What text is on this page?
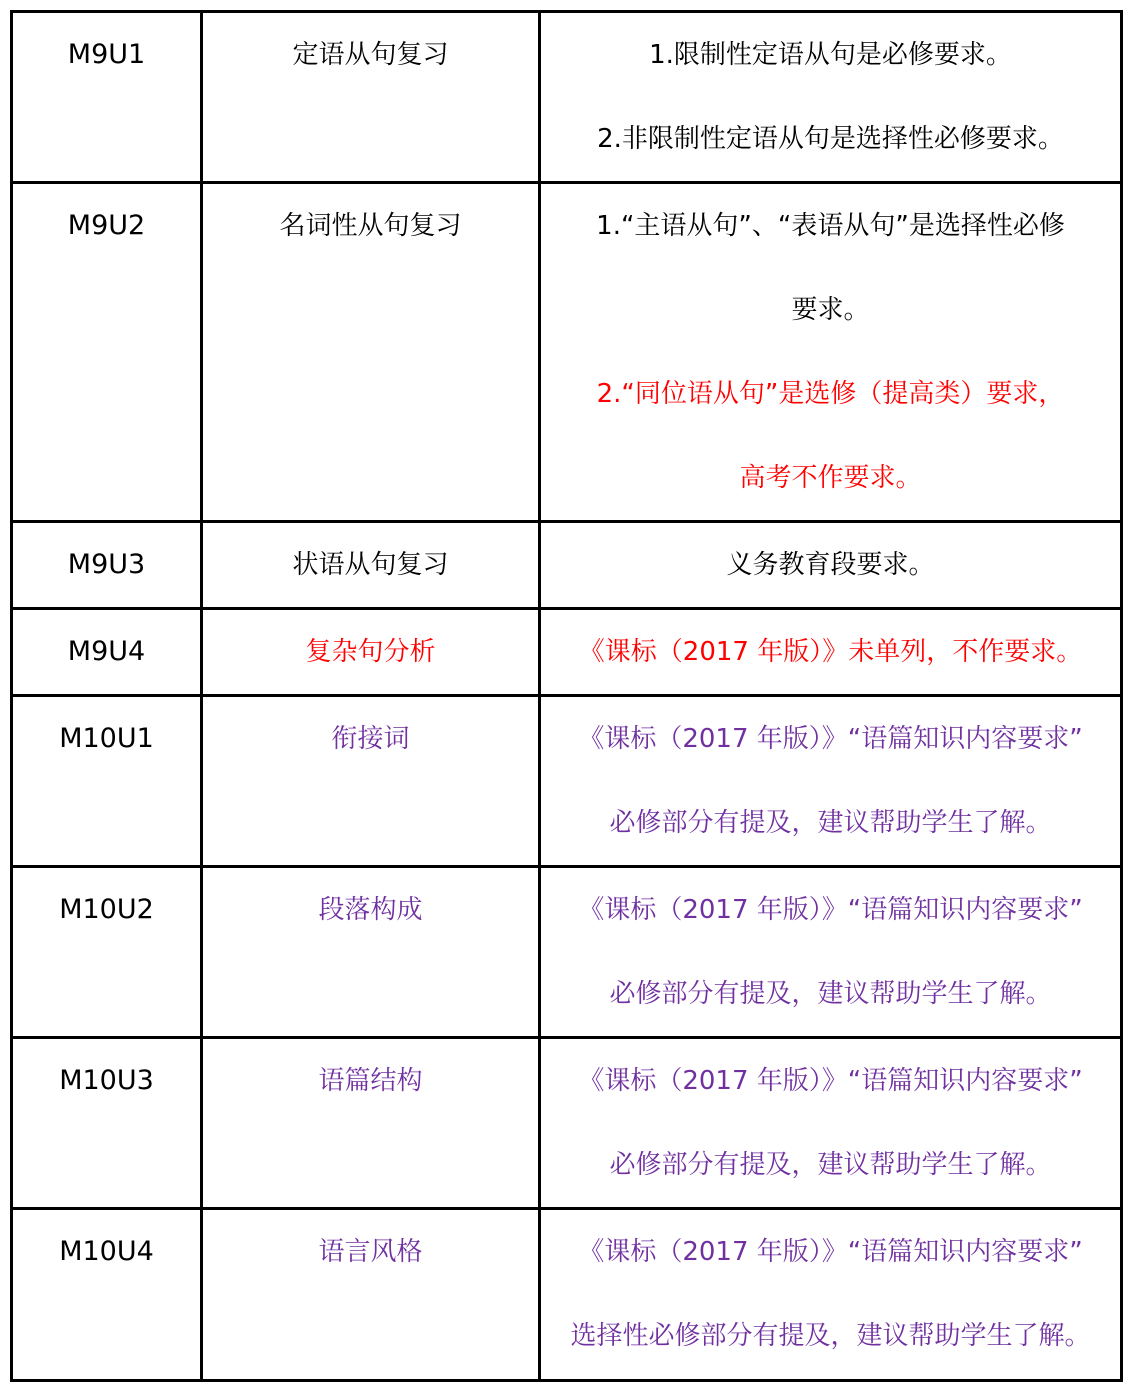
M9U1	定语从句复习	1.限制性定语从句是必修要求。
2.非限制性定语从句是选择性必修要求。

M9U2	名词性从句复习	1.“主语从句”、“表语从句”是选择性必修
要求。
2.“同位语从句”是选修（提高类）要求，
高考不作要求。

M9U3	状语从句复习	义务教育段要求。

M9U4	复杂句分析	《课标（2017 年版）》未单列，不作要求。

M10U1	衔接词	《课标（2017 年版）》“语篇知识内容要求”
必修部分有提及，建议帮助学生了解。

M10U2	段落构成	《课标（2017 年版）》“语篇知识内容要求”
必修部分有提及，建议帮助学生了解。

M10U3	语篇结构	《课标（2017 年版）》“语篇知识内容要求”
必修部分有提及，建议帮助学生了解。

M10U4	语言风格	《课标（2017 年版）》“语篇知识内容要求”
选择性必修部分有提及，建议帮助学生了解。
